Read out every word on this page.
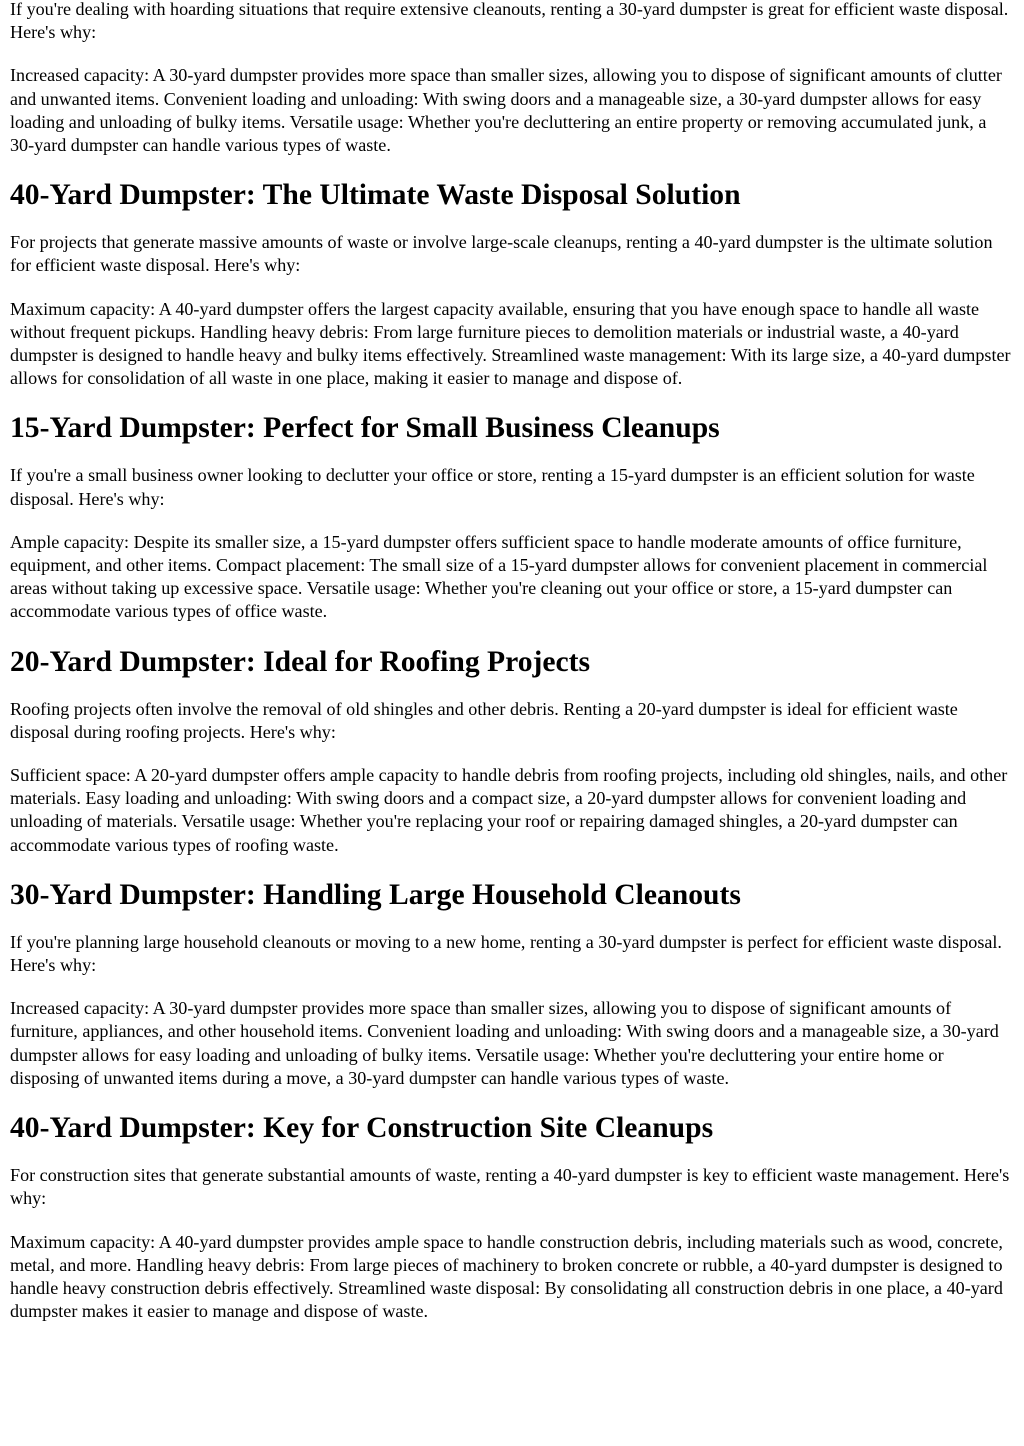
If you're dealing with hoarding situations that require extensive cleanouts, renting a 30-yard dumpster is great for efficient waste disposal. Here's why:

Increased capacity: A 30-yard dumpster provides more space than smaller sizes, allowing you to dispose of significant amounts of clutter and unwanted items. Convenient loading and unloading: With swing doors and a manageable size, a 30-yard dumpster allows for easy loading and unloading of bulky items. Versatile usage: Whether you're decluttering an entire property or removing accumulated junk, a 30-yard dumpster can handle various types of waste.

40-Yard Dumpster: The Ultimate Waste Disposal Solution

For projects that generate massive amounts of waste or involve large-scale cleanups, renting a 40-yard dumpster is the ultimate solution for efficient waste disposal. Here's why:

Maximum capacity: A 40-yard dumpster offers the largest capacity available, ensuring that you have enough space to handle all waste without frequent pickups. Handling heavy debris: From large furniture pieces to demolition materials or industrial waste, a 40-yard dumpster is designed to handle heavy and bulky items effectively. Streamlined waste management: With its large size, a 40-yard dumpster allows for consolidation of all waste in one place, making it easier to manage and dispose of.

15-Yard Dumpster: Perfect for Small Business Cleanups

If you're a small business owner looking to declutter your office or store, renting a 15-yard dumpster is an efficient solution for waste disposal. Here's why:

Ample capacity: Despite its smaller size, a 15-yard dumpster offers sufficient space to handle moderate amounts of office furniture, equipment, and other items. Compact placement: The small size of a 15-yard dumpster allows for convenient placement in commercial areas without taking up excessive space. Versatile usage: Whether you're cleaning out your office or store, a 15-yard dumpster can accommodate various types of office waste.

20-Yard Dumpster: Ideal for Roofing Projects

Roofing projects often involve the removal of old shingles and other debris. Renting a 20-yard dumpster is ideal for efficient waste disposal during roofing projects. Here's why:

Sufficient space: A 20-yard dumpster offers ample capacity to handle debris from roofing projects, including old shingles, nails, and other materials. Easy loading and unloading: With swing doors and a compact size, a 20-yard dumpster allows for convenient loading and unloading of materials. Versatile usage: Whether you're replacing your roof or repairing damaged shingles, a 20-yard dumpster can accommodate various types of roofing waste.

30-Yard Dumpster: Handling Large Household Cleanouts

If you're planning large household cleanouts or moving to a new home, renting a 30-yard dumpster is perfect for efficient waste disposal. Here's why:

Increased capacity: A 30-yard dumpster provides more space than smaller sizes, allowing you to dispose of significant amounts of furniture, appliances, and other household items. Convenient loading and unloading: With swing doors and a manageable size, a 30-yard dumpster allows for easy loading and unloading of bulky items. Versatile usage: Whether you're decluttering your entire home or disposing of unwanted items during a move, a 30-yard dumpster can handle various types of waste.

40-Yard Dumpster: Key for Construction Site Cleanups

For construction sites that generate substantial amounts of waste, renting a 40-yard dumpster is key to efficient waste management. Here's why:

Maximum capacity: A 40-yard dumpster provides ample space to handle construction debris, including materials such as wood, concrete, metal, and more. Handling heavy debris: From large pieces of machinery to broken concrete or rubble, a 40-yard dumpster is designed to handle heavy construction debris effectively. Streamlined waste disposal: By consolidating all construction debris in one place, a 40-yard dumpster makes it easier to manage and dispose of waste.
